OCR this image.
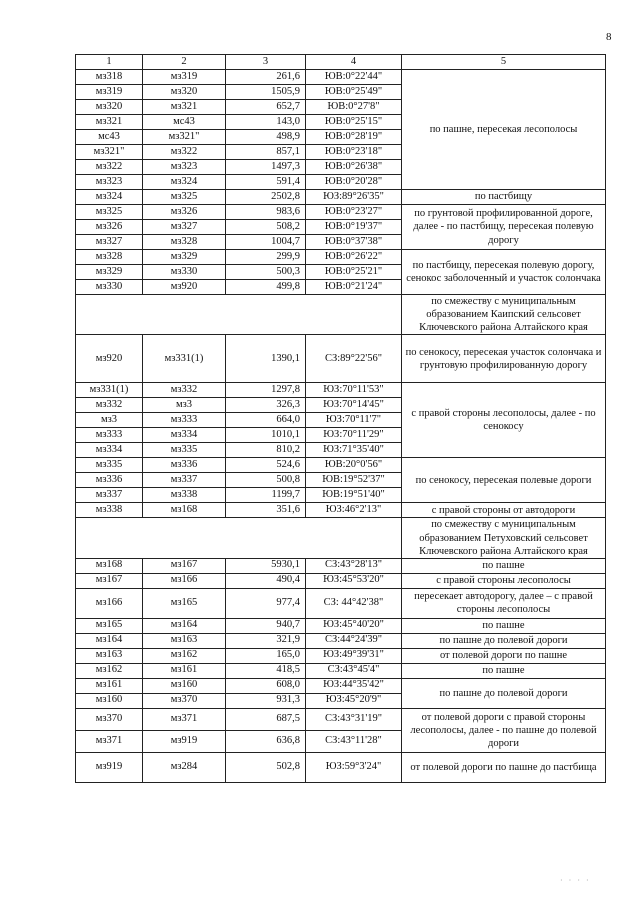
8
1	2	3	4	5
мз318	мз319	261,6	ЮВ:0°22'44"	по пашне, пересекая лесополосы
мз319	мз320	1505,9	ЮВ:0°25'49"	
мз320	мз321	652,7	ЮВ:0°27'8"	
мз321	мс43	143,0	ЮВ:0°25'15"	
мс43	мз321"	498,9	ЮВ:0°28'19"	
мз321"	мз322	857,1	ЮВ:0°23'18"	
мз322	мз323	1497,3	ЮВ:0°26'38"	
мз323	мз324	591,4	ЮВ:0°20'28"	
мз324	мз325	2502,8	ЮЗ:89°26'35"	по пастбищу
мз325	мз326	983,6	ЮВ:0°23'27"	по грунтовой профилированной дороге, далее - по пастбищу, пересекая полевую дорогу
мз326	мз327	508,2	ЮВ:0°19'37"	
мз327	мз328	1004,7	ЮВ:0°37'38"	
мз328	мз329	299,9	ЮВ:0°26'22"	по пастбищу, пересекая полевую дорогу, сенокос заболоченный и участок солончака
мз329	мз330	500,3	ЮВ:0°25'21"	
мз330	мз920	499,8	ЮВ:0°21'24"	
				по смежеству с муниципальным образованием Каипский сельсовет Ключевского района Алтайского края
мз920	мз331(1)	1390,1	СЗ:89°22'56"	по сенокосу, пересекая участок солончака и грунтовую профилированную дорогу
мз331(1)	мз332	1297,8	ЮЗ:70°11'53"	с правой стороны лесополосы, далее - по сенокосу
мз332	мз3	326,3	ЮЗ:70°14'45"	
мз3	мз333	664,0	ЮЗ:70°11'7"	
мз333	мз334	1010,1	ЮЗ:70°11'29"	
мз334	мз335	810,2	ЮЗ:71°35'40"	
мз335	мз336	524,6	ЮВ:20°0'56"	по сенокосу, пересекая полевые дороги
мз336	мз337	500,8	ЮВ:19°52'37"	
мз337	мз338	1199,7	ЮВ:19°51'40"	
мз338	мз168	351,6	ЮЗ:46°2'13"	с правой стороны от автодороги
				по смежеству с муниципальным образованием Петуховский сельсовет Ключевского района Алтайского края
мз168	мз167	5930,1	СЗ:43°28'13"	по пашне
мз167	мз166	490,4	ЮЗ:45°53'20"	с правой стороны лесополосы
мз166	мз165	977,4	СЗ: 44°42'38"	пересекает автодорогу, далее – с правой стороны лесополосы
мз165	мз164	940,7	ЮЗ:45°40'20"	по пашне
мз164	мз163	321,9	СЗ:44°24'39"	по пашне до полевой дороги
мз163	мз162	165,0	ЮЗ:49°39'31"	от полевой дороги по пашне
мз162	мз161	418,5	СЗ:43°45'4"	по пашне
мз161	мз160	608,0	ЮЗ:44°35'42"	по пашне до полевой дороги
мз160	мз370	931,3	ЮЗ:45°20'9"	
мз370	мз371	687,5	СЗ:43°31'19"	от полевой дороги с правой стороны лесополосы, далее - по пашне до полевой дороги
мз371	мз919	636,8	СЗ:43°11'28"	
мз919	мз284	502,8	ЮЗ:59°3'24"	от полевой дороги по пашне до пастбища
· · · ·
